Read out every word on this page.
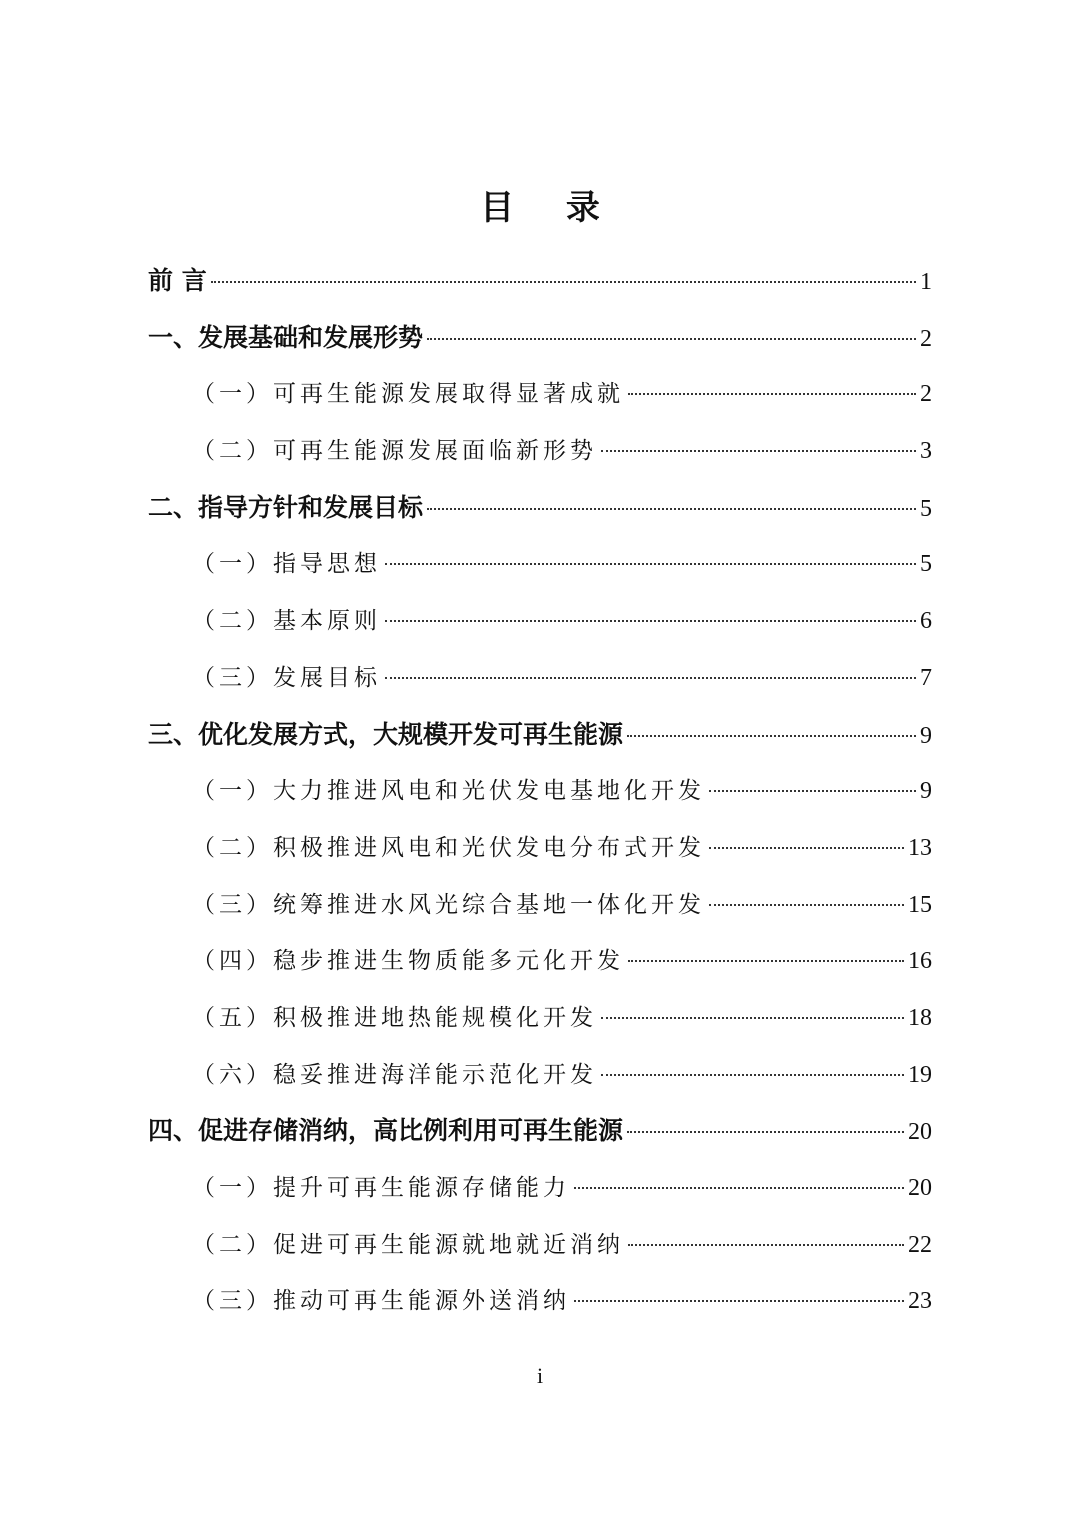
目 录
前 言	1
一、发展基础和发展形势	2
（一）可再生能源发展取得显著成就	2
（二）可再生能源发展面临新形势	3
二、指导方针和发展目标	5
（一）指导思想	5
（二）基本原则	6
（三）发展目标	7
三、优化发展方式，大规模开发可再生能源	9
（一）大力推进风电和光伏发电基地化开发	9
（二）积极推进风电和光伏发电分布式开发	13
（三）统筹推进水风光综合基地一体化开发	15
（四）稳步推进生物质能多元化开发	16
（五）积极推进地热能规模化开发	18
（六）稳妥推进海洋能示范化开发	19
四、促进存储消纳，高比例利用可再生能源	20
（一）提升可再生能源存储能力	20
（二）促进可再生能源就地就近消纳	22
（三）推动可再生能源外送消纳	23
i
